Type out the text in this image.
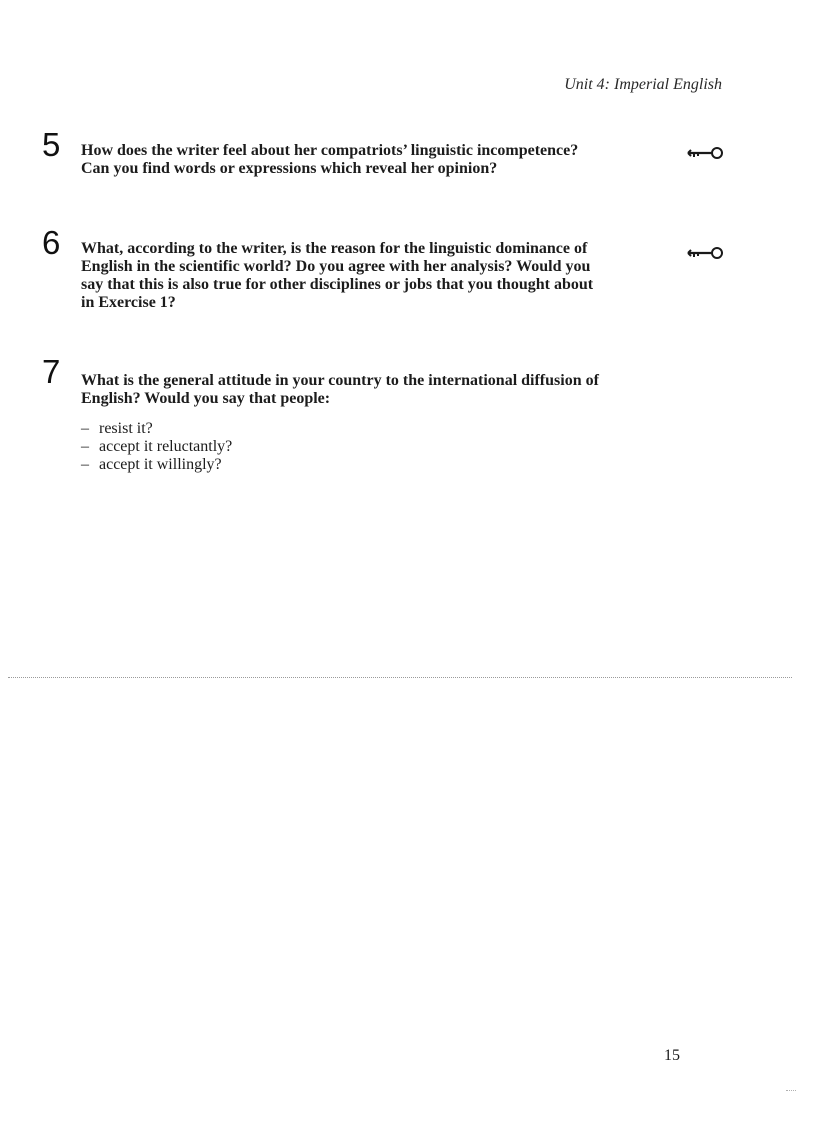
Unit 4: Imperial English
5 How does the writer feel about her compatriots’ linguistic incompetence?

Can you find words or expressions which reveal her opinion?

6 What, according to the writer, is the reason for the linguistic dominance of

English in the scientific world? Do you agree with her analysis? Would you

say that this is also true for other disciplines or jobs that you thought about

in Exercise 1?

7 What is the general attitude in your country to the international diffusion of

English? Would you say that people:

– resist it?
– accept it reluctantly?
– accept it willingly?
15
